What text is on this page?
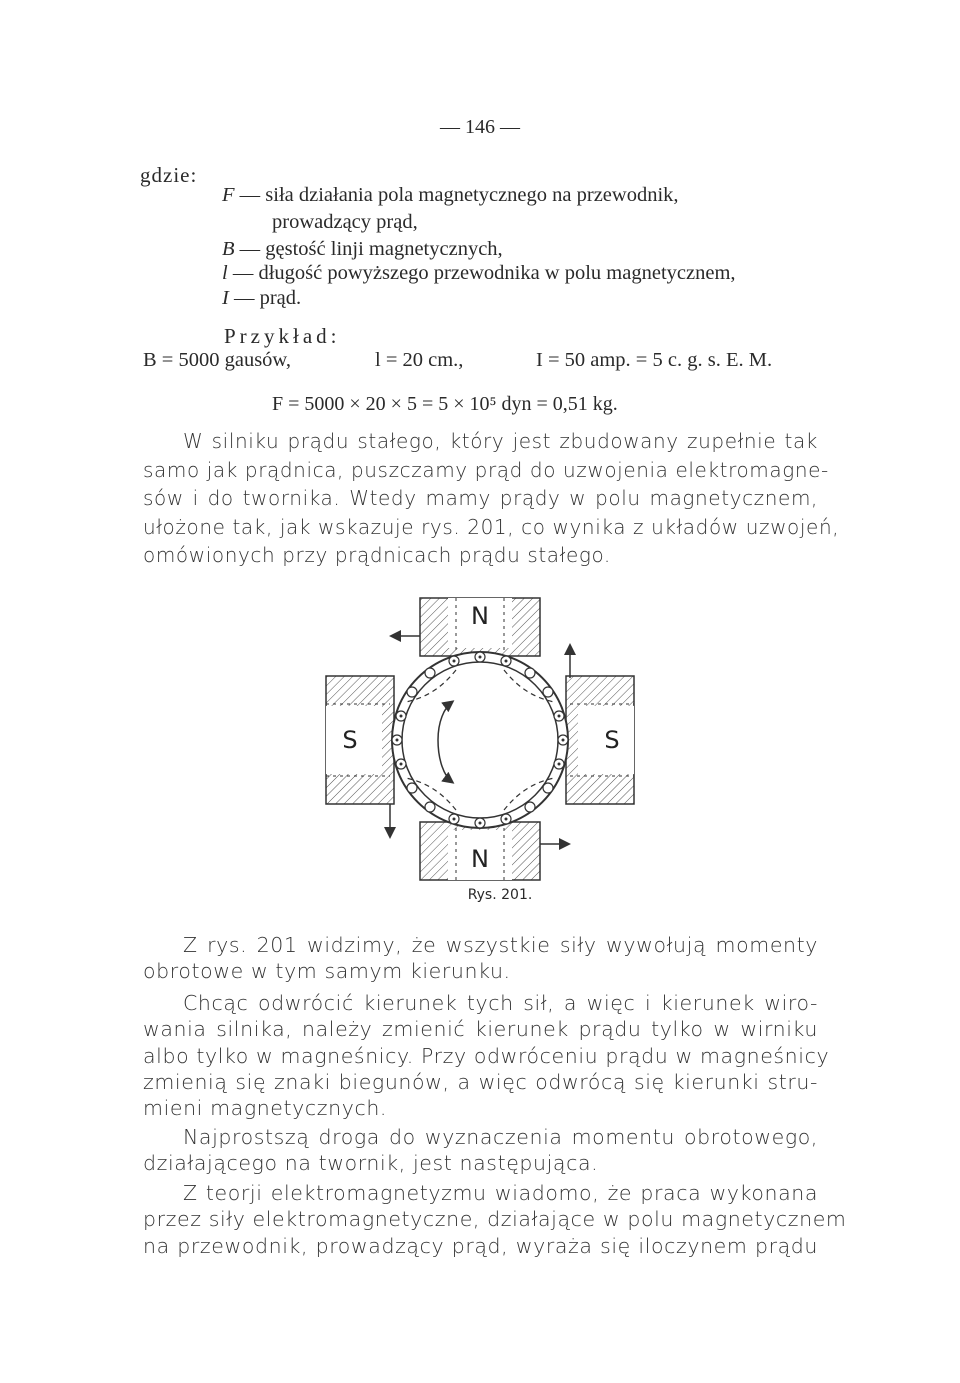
— 146 —
gdzie:
F — siła działania pola magnetycznego na przewodnik,
prowadzący prąd,
B — gęstość linji magnetycznych,
l — długość powyższego przewodnika w polu magnetycznem,
I — prąd.
Przykład:
B = 5000 gausów,	l = 20 cm.,	I = 50 amp. = 5 c. g. s. E. M.
F = 5000 × 20 × 5 = 5 × 10⁵ dyn = 0,51 kg.
W silniku prądu stałego, który jest zbudowany zupełnie tak
samo jak prądnica, puszczamy prąd do uzwojenia elektromagne-
sów i do twornika. Wtedy mamy prądy w polu magnetycznem,
ułożone tak, jak wskazuje rys. 201, co wynika z układów uzwojeń,
omówionych przy prądnicach prądu stałego.
N
N
S	S
Rys. 201.
Z rys. 201 widzimy, że wszystkie siły wywołują momenty
obrotowe w tym samym kierunku.
Chcąc odwrócić kierunek tych sił, a więc i kierunek wiro-
wania silnika, należy zmienić kierunek prądu tylko w wirniku
albo tylko w magneśnicy. Przy odwróceniu prądu w magneśnicy
zmienią się znaki biegunów, a więc odwrócą się kierunki stru-
mieni magnetycznych.
Najprostszą droga do wyznaczenia momentu obrotowego,
działającego na twornik, jest następująca.
Z teorji elektromagnetyzmu wiadomo, że praca wykonana
przez siły elektromagnetyczne, działające w polu magnetycznem
na przewodnik, prowadzący prąd, wyraża się iloczynem prądu
